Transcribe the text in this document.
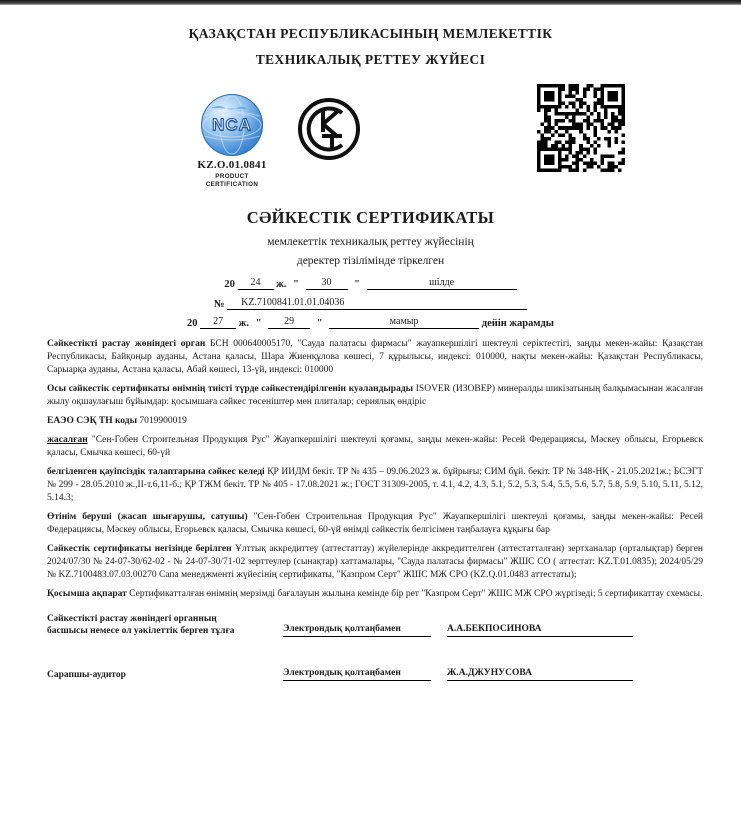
ҚАЗАҚСТАН РЕСПУБЛИКАСЫНЫҢ МЕМЛЕКЕТТІК
ТЕХНИКАЛЫҚ РЕТТЕУ ЖҮЙЕСІ
NCA
KZ.O.01.0841
PRODUCT
CERTIFICATION
СӘЙКЕСТІК СЕРТИФИКАТЫ
мемлекеттік техникалық реттеу жүйесінің
деректер тізілімінде тіркелген
20 24 ж. " 30 "	шілде
№ KZ.7100841.01.01.04036
20 27 ж. " 29 "	мамыр	дейін жарамды

Сәйкестікті растау жөніндегі орган БСН 000640005170, "Сауда палатасы фирмасы" жауапкершілігі шектеулі серіктестігі, заңды мекен-жайы: Қазақстан Республикасы, Байқоңыр ауданы, Астана қаласы, Шара Жиенқұлова көшесі, 7 құрылысы, индексі: 010000, нақты мекен-жайы: Қазақстан Республикасы, Сарыарқа ауданы, Астана қаласы, Абай көшесі, 13-үй, индексі: 010000

Осы сәйкестік сертификаты өнімнің тиісті түрде сәйкестендірілгенін куәландырады ISOVER (ИЗОВЕР) минералды шикізатының балқымасынан жасалған жылу оқшаулағыш бұйымдар: қосымшаға сәйкес төсеніштер мен плиталар; сериялық өндіріс

ЕАЭО СЭҚ ТН коды 7019900019

жасалған "Сен-Гобен Строительная Продукция Рус" Жауапкершілігі шектеулі қоғамы, заңды мекен-жайы: Ресей Федерациясы, Мәскеу облысы, Егорьевск қаласы, Смычка көшесі, 60-үй

белгіленген қауіпсіздік талаптарына сәйкес келеді ҚР ИИДМ бекіт. ТР № 435 – 09.06.2023 ж. бұйрығы; СИМ бұй. бекіт. ТР № 348-НҚ - 21.05.2021ж.; БСЭГТ № 299 - 28.05.2010 ж.,II-т.6,11-б.; ҚР ТЖМ бекіт. ТР № 405 - 17.08.2021 ж.; ГОСТ 31309-2005, т. 4.1, 4.2, 4.3, 5.1, 5.2, 5.3, 5.4, 5.5, 5.6, 5.7, 5.8, 5.9, 5.10, 5.11, 5.12, 5.14.3;

Өтінім беруші (жасап шығарушы, сатушы) "Сен-Гобен Строительная Продукция Рус" Жауапкершілігі шектеулі қоғамы, заңды мекен-жайы: Ресей Федерациясы, Мәскеу облысы, Егорьевск қаласы, Смычка көшесі, 60-үй өнімді сәйкестік белгісімен таңбалауға құқығы бар

Сәйкестік сертификаты негізінде берілген Ұлттық аккредиттеу (аттестаттау) жүйелерінде аккредиттелген (аттестатталған) зертханалар (орталықтар) берген 2024/07/30 № 24-07-30/62-02 - № 24-07-30/71-02 зерттеулер (сынақтар) хаттамалары, "Сауда палатасы фирмасы" ЖШС СО ( аттестат: KZ.T.01.0835); 2024/05/29 № KZ.7100483.07.03.00270 Сапа менеджменті жүйесінің сертификаты, "Казпром Серт" ЖШС МЖ СРО (KZ.Q.01.0483 аттестаты);

Қосымша ақпарат Сертификатталған өнімнің мерзімді бағалауын жылына кемінде бір рет "Казпром Серт" ЖШС МЖ СРО жүргізеді; 5 сертификаттау схемасы.

Сәйкестікті растау жөніндегі органның басшысы немесе ол уәкілеттік берген тұлға	Электрондық қолтаңбамен	А.А.БЕКПОСИНОВА
Сарапшы-аудитор	Электрондық қолтаңбамен	Ж.А.ДЖУНУСОВА
